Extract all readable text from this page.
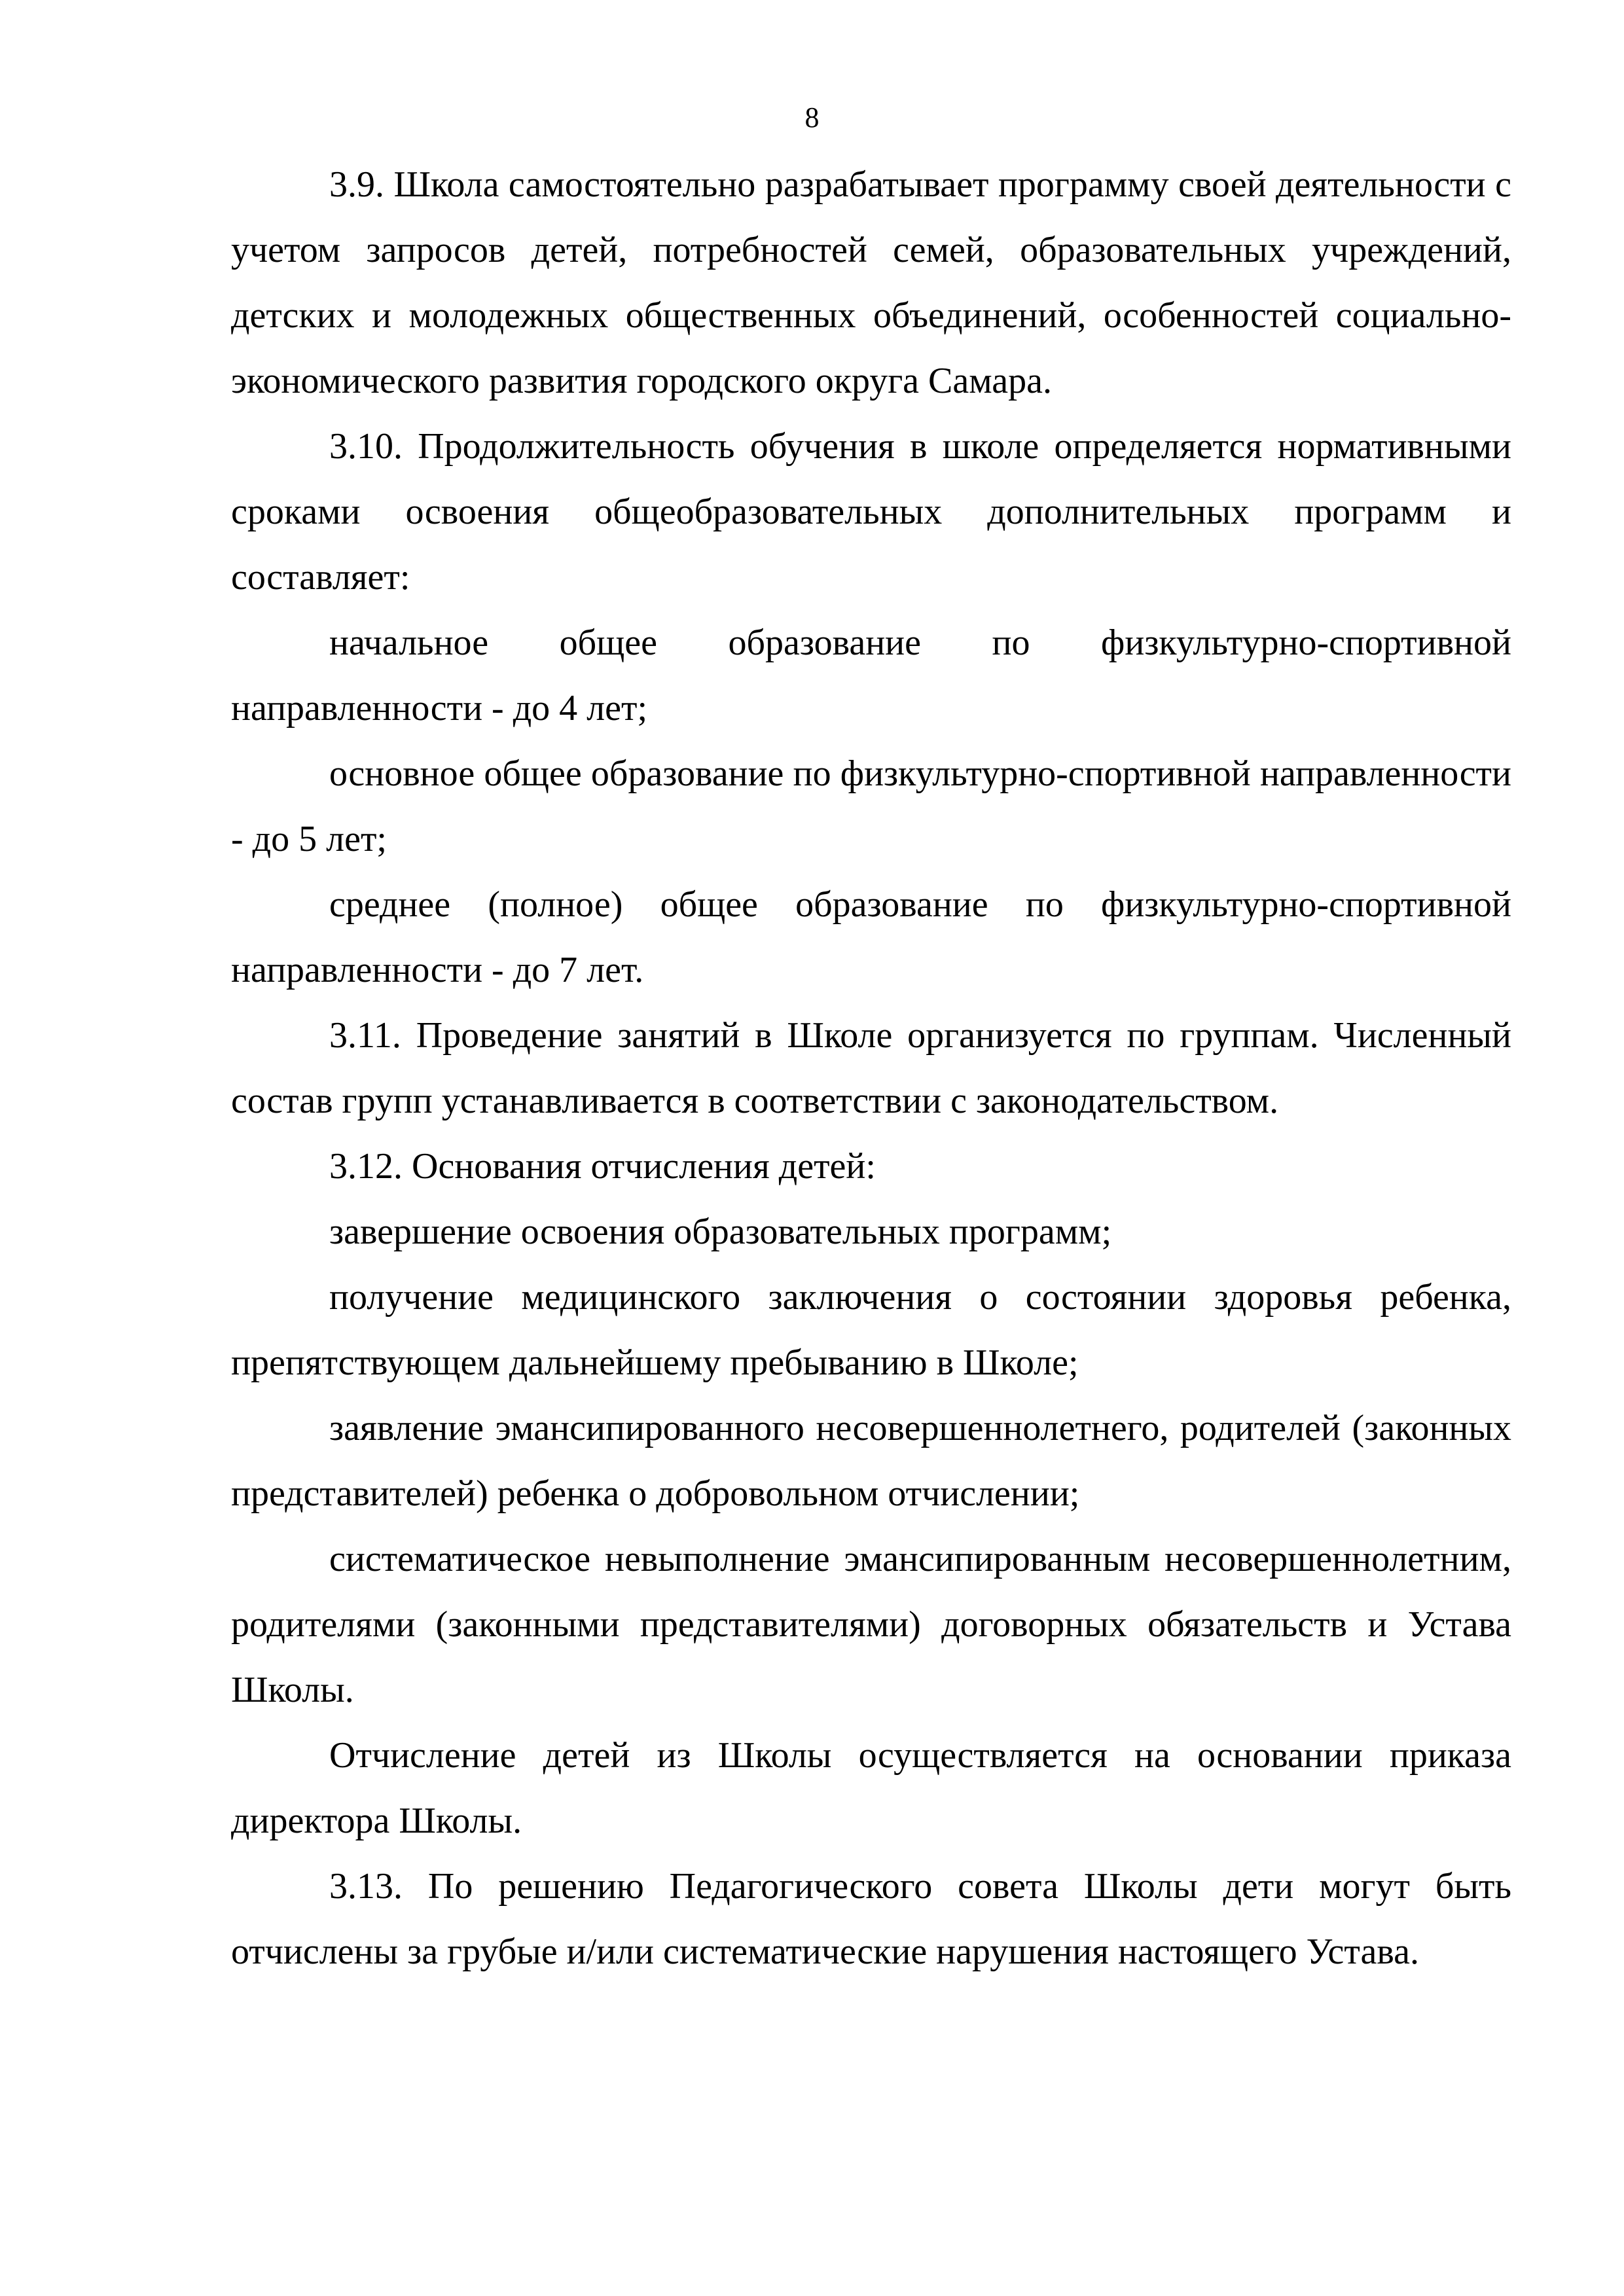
8

3.9. Школа самостоятельно разрабатывает программу своей деятельности с учетом запросов детей, потребностей семей, образовательных учреждений, детских и молодежных общественных объединений, особенностей социально-экономического развития городского округа Самара.

3.10. Продолжительность обучения в школе определяется нормативными сроками освоения общеобразовательных дополнительных программ и составляет:

начальное общее образование по физкультурно-спортивной направленности - до 4 лет;

основное общее образование по физкультурно-спортивной направленности - до 5 лет;

среднее (полное) общее образование по физкультурно-спортивной направленности - до 7 лет.

3.11. Проведение занятий в Школе организуется по группам. Численный состав групп устанавливается в соответствии с законодательством.

3.12. Основания отчисления детей:

завершение освоения образовательных программ;

получение медицинского заключения о состоянии здоровья ребенка, препятствующем дальнейшему пребыванию в Школе;

заявление эмансипированного несовершеннолетнего, родителей (законных представителей) ребенка о добровольном отчислении;

систематическое невыполнение эмансипированным несовершеннолетним, родителями (законными представителями) договорных обязательств и Устава Школы.

Отчисление детей из Школы осуществляется на основании приказа директора Школы.

3.13. По решению Педагогического совета Школы дети могут быть отчислены за грубые и/или систематические нарушения настоящего Устава.
